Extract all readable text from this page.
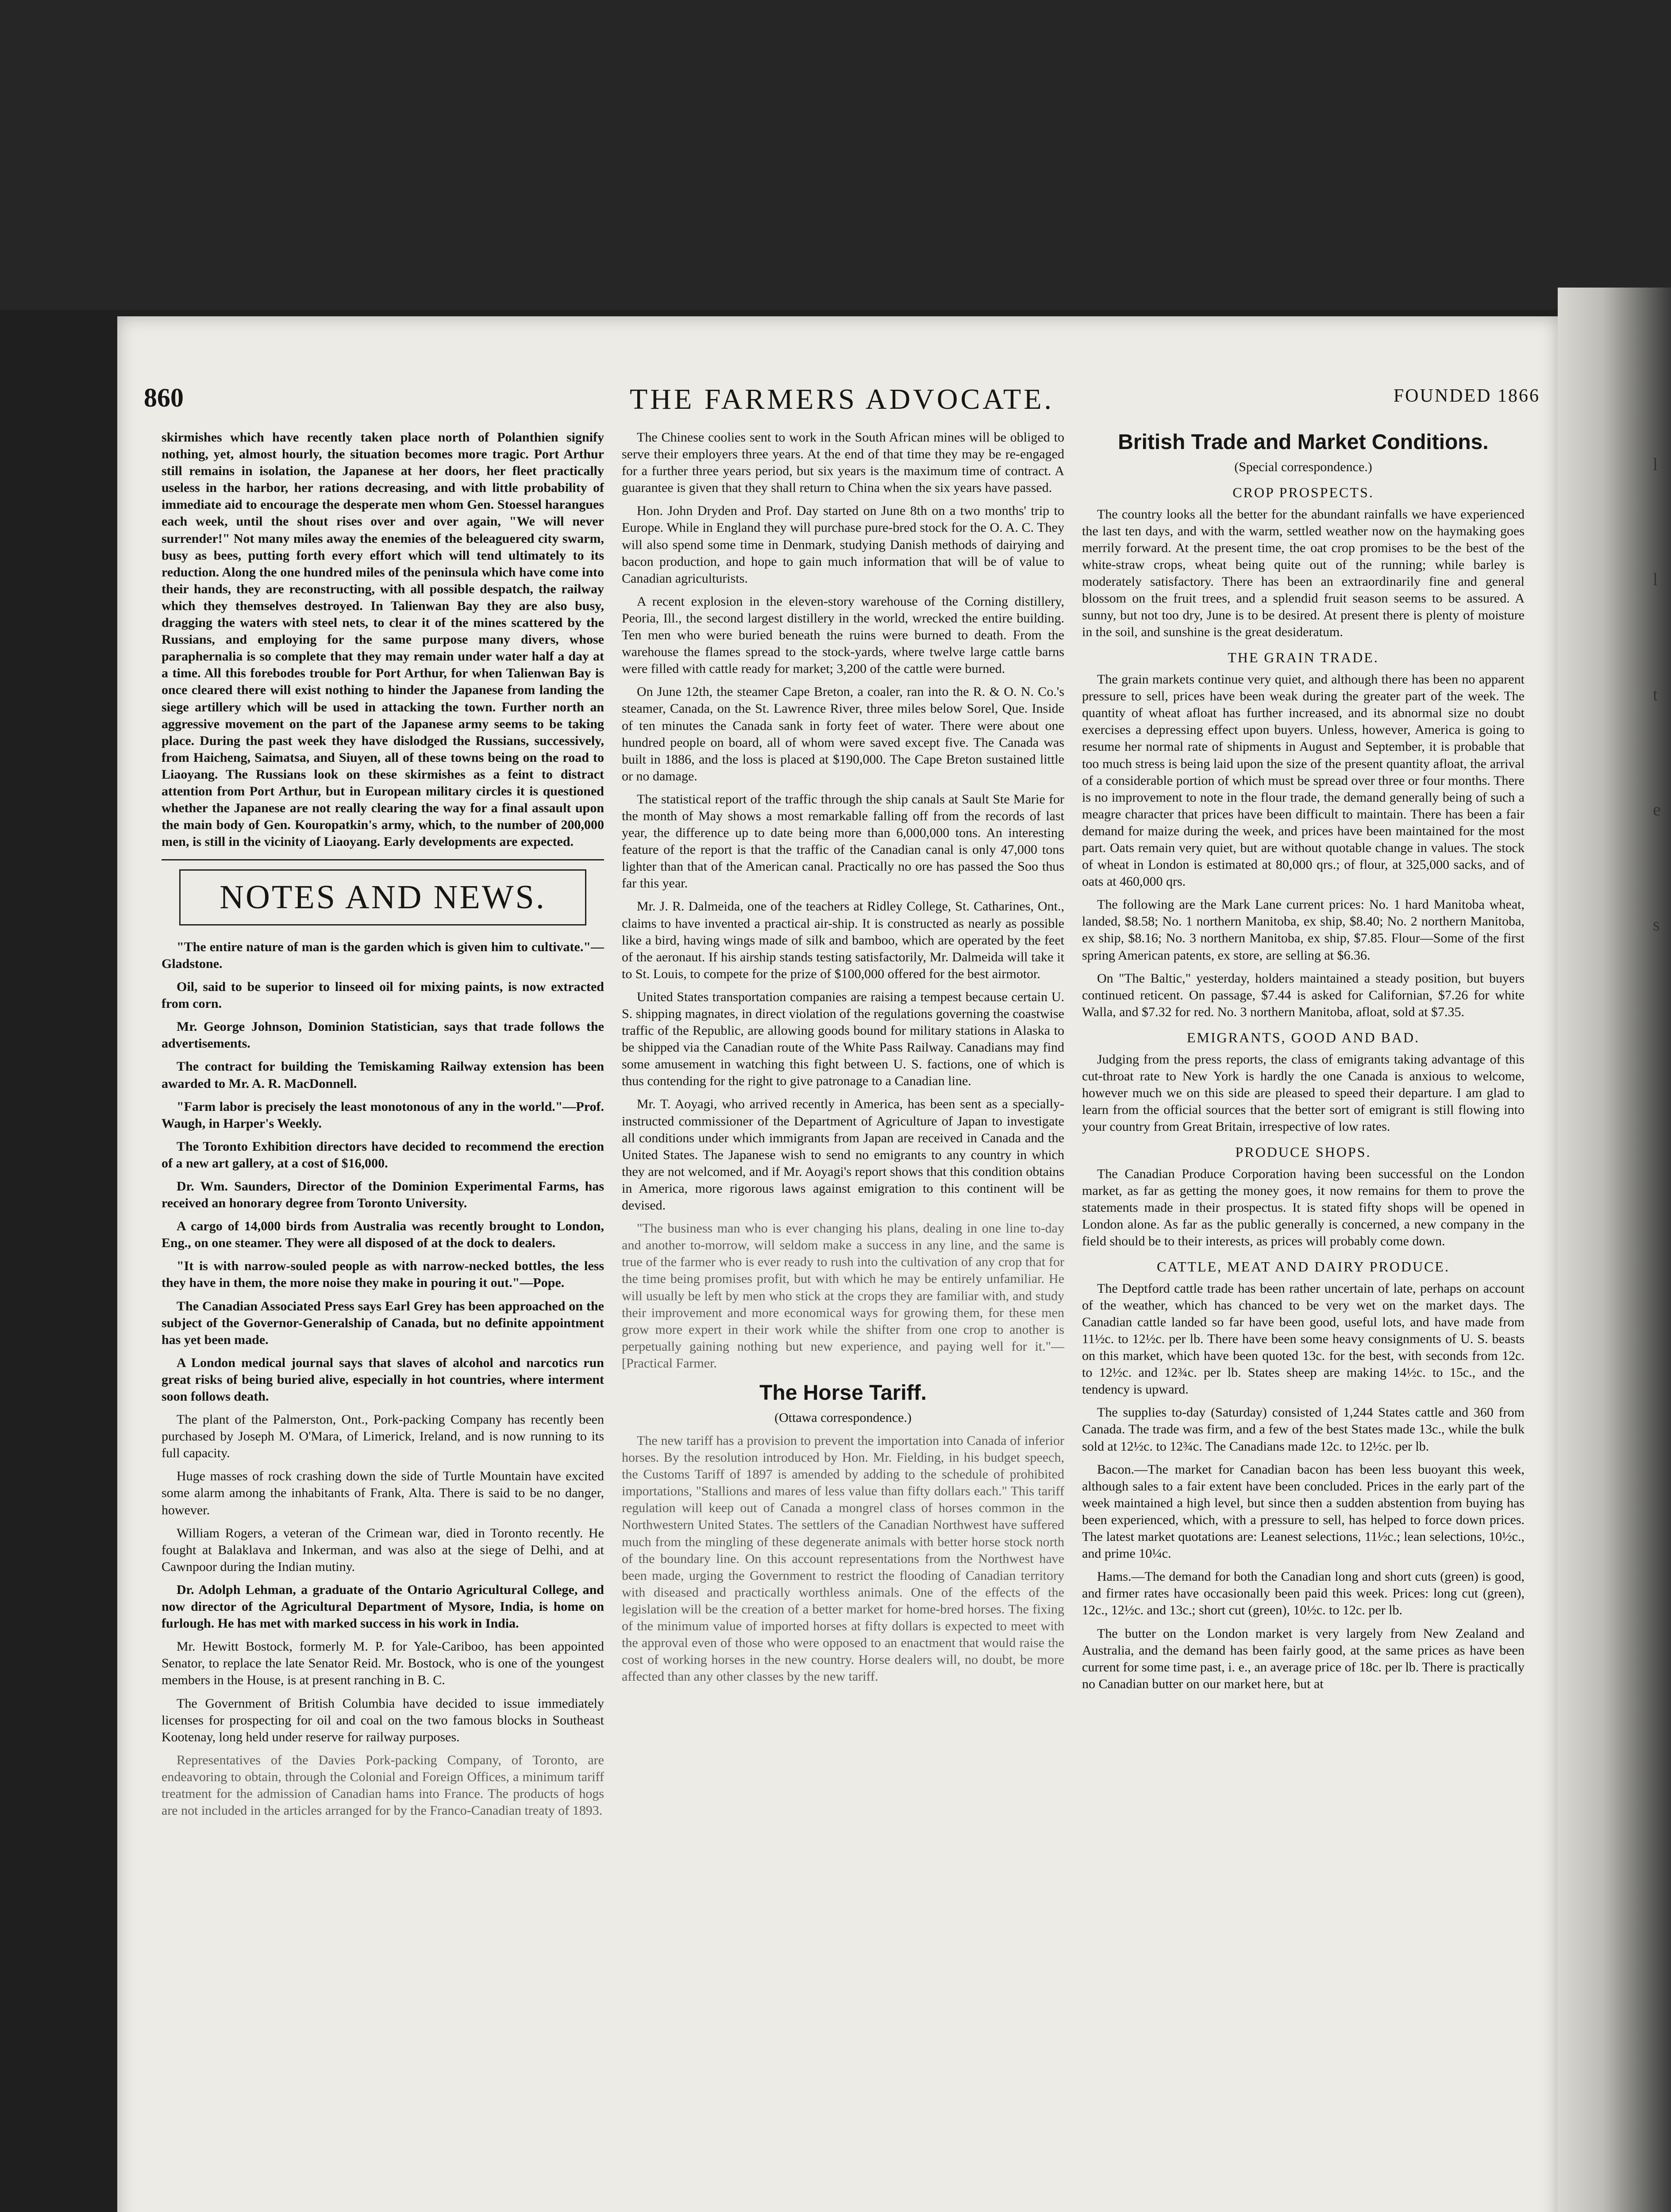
l
l
t
e
s
THE FARMERS ADVOCATE.
860	FOUNDED 1866

skirmishes which have recently taken place north of Polanthien signify nothing, yet, almost hourly, the situation becomes more tragic. Port Arthur still remains in isolation, the Japanese at her doors, her fleet practically useless in the harbor, her rations decreasing, and with little probability of immediate aid to encourage the desperate men whom Gen. Stoessel harangues each week, until the shout rises over and over again, "We will never surrender!" Not many miles away the enemies of the beleaguered city swarm, busy as bees, putting forth every effort which will tend ultimately to its reduction. Along the one hundred miles of the peninsula which have come into their hands, they are reconstructing, with all possible despatch, the railway which they themselves destroyed. In Talienwan Bay they are also busy, dragging the waters with steel nets, to clear it of the mines scattered by the Russians, and employing for the same purpose many divers, whose paraphernalia is so complete that they may remain under water half a day at a time. All this forebodes trouble for Port Arthur, for when Talienwan Bay is once cleared there will exist nothing to hinder the Japanese from landing the siege artillery which will be used in attacking the town. Further north an aggressive movement on the part of the Japanese army seems to be taking place. During the past week they have dislodged the Russians, successively, from Haicheng, Saimatsa, and Siuyen, all of these towns being on the road to Liaoyang. The Russians look on these skirmishes as a feint to distract attention from Port Arthur, but in European military circles it is questioned whether the Japanese are not really clearing the way for a final assault upon the main body of Gen. Kouropatkin's army, which, to the number of 200,000 men, is still in the vicinity of Liaoyang. Early developments are expected.

NOTES AND NEWS.

"The entire nature of man is the garden which is given him to cultivate."—Gladstone.

Oil, said to be superior to linseed oil for mixing paints, is now extracted from corn.

Mr. George Johnson, Dominion Statistician, says that trade follows the advertisements.

The contract for building the Temiskaming Railway extension has been awarded to Mr. A. R. MacDonnell.

"Farm labor is precisely the least monotonous of any in the world."—Prof. Waugh, in Harper's Weekly.

The Toronto Exhibition directors have decided to recommend the erection of a new art gallery, at a cost of $16,000.

Dr. Wm. Saunders, Director of the Dominion Experimental Farms, has received an honorary degree from Toronto University.

A cargo of 14,000 birds from Australia was recently brought to London, Eng., on one steamer. They were all disposed of at the dock to dealers.

"It is with narrow-souled people as with narrow-necked bottles, the less they have in them, the more noise they make in pouring it out."—Pope.

The Canadian Associated Press says Earl Grey has been approached on the subject of the Governor-Generalship of Canada, but no definite appointment has yet been made.

A London medical journal says that slaves of alcohol and narcotics run great risks of being buried alive, especially in hot countries, where interment soon follows death.

The plant of the Palmerston, Ont., Pork-packing Company has recently been purchased by Joseph M. O'Mara, of Limerick, Ireland, and is now running to its full capacity.

Huge masses of rock crashing down the side of Turtle Mountain have excited some alarm among the inhabitants of Frank, Alta. There is said to be no danger, however.

William Rogers, a veteran of the Crimean war, died in Toronto recently. He fought at Balaklava and Inkerman, and was also at the siege of Delhi, and at Cawnpoor during the Indian mutiny.

Dr. Adolph Lehman, a graduate of the Ontario Agricultural College, and now director of the Agricultural Department of Mysore, India, is home on furlough. He has met with marked success in his work in India.

Mr. Hewitt Bostock, formerly M. P. for Yale-Cariboo, has been appointed Senator, to replace the late Senator Reid. Mr. Bostock, who is one of the youngest members in the House, is at present ranching in B. C.

The Government of British Columbia have decided to issue immediately licenses for prospecting for oil and coal on the two famous blocks in Southeast Kootenay, long held under reserve for railway purposes.

Representatives of the Davies Pork-packing Company, of Toronto, are endeavoring to obtain, through the Colonial and Foreign Offices, a minimum tariff treatment for the admission of Canadian hams into France. The products of hogs are not included in the articles arranged for by the Franco-Canadian treaty of 1893.

The Chinese coolies sent to work in the South African mines will be obliged to serve their employers three years. At the end of that time they may be re-engaged for a further three years period, but six years is the maximum time of contract. A guarantee is given that they shall return to China when the six years have passed.

Hon. John Dryden and Prof. Day started on June 8th on a two months' trip to Europe. While in England they will purchase pure-bred stock for the O. A. C. They will also spend some time in Denmark, studying Danish methods of dairying and bacon production, and hope to gain much information that will be of value to Canadian agriculturists.

A recent explosion in the eleven-story warehouse of the Corning distillery, Peoria, Ill., the second largest distillery in the world, wrecked the entire building. Ten men who were buried beneath the ruins were burned to death. From the warehouse the flames spread to the stock-yards, where twelve large cattle barns were filled with cattle ready for market; 3,200 of the cattle were burned.

On June 12th, the steamer Cape Breton, a coaler, ran into the R. & O. N. Co.'s steamer, Canada, on the St. Lawrence River, three miles below Sorel, Que. Inside of ten minutes the Canada sank in forty feet of water. There were about one hundred people on board, all of whom were saved except five. The Canada was built in 1886, and the loss is placed at $190,000. The Cape Breton sustained little or no damage.

The statistical report of the traffic through the ship canals at Sault Ste Marie for the month of May shows a most remarkable falling off from the records of last year, the difference up to date being more than 6,000,000 tons. An interesting feature of the report is that the traffic of the Canadian canal is only 47,000 tons lighter than that of the American canal. Practically no ore has passed the Soo thus far this year.

Mr. J. R. Dalmeida, one of the teachers at Ridley College, St. Catharines, Ont., claims to have invented a practical air-ship. It is constructed as nearly as possible like a bird, having wings made of silk and bamboo, which are operated by the feet of the aeronaut. If his airship stands testing satisfactorily, Mr. Dalmeida will take it to St. Louis, to compete for the prize of $100,000 offered for the best airmotor.

United States transportation companies are raising a tempest because certain U. S. shipping magnates, in direct violation of the regulations governing the coastwise traffic of the Republic, are allowing goods bound for military stations in Alaska to be shipped via the Canadian route of the White Pass Railway. Canadians may find some amusement in watching this fight between U. S. factions, one of which is thus contending for the right to give patronage to a Canadian line.

Mr. T. Aoyagi, who arrived recently in America, has been sent as a specially-instructed commissioner of the Department of Agriculture of Japan to investigate all conditions under which immigrants from Japan are received in Canada and the United States. The Japanese wish to send no emigrants to any country in which they are not welcomed, and if Mr. Aoyagi's report shows that this condition obtains in America, more rigorous laws against emigration to this continent will be devised.

"The business man who is ever changing his plans, dealing in one line to-day and another to-morrow, will seldom make a success in any line, and the same is true of the farmer who is ever ready to rush into the cultivation of any crop that for the time being promises profit, but with which he may be entirely unfamiliar. He will usually be left by men who stick at the crops they are familiar with, and study their improvement and more economical ways for growing them, for these men grow more expert in their work while the shifter from one crop to another is perpetually gaining nothing but new experience, and paying well for it."—[Practical Farmer.

The Horse Tariff.
(Ottawa correspondence.)

The new tariff has a provision to prevent the importation into Canada of inferior horses. By the resolution introduced by Hon. Mr. Fielding, in his budget speech, the Customs Tariff of 1897 is amended by adding to the schedule of prohibited importations, "Stallions and mares of less value than fifty dollars each." This tariff regulation will keep out of Canada a mongrel class of horses common in the Northwestern United States. The settlers of the Canadian Northwest have suffered much from the mingling of these degenerate animals with better horse stock north of the boundary line. On this account representations from the Northwest have been made, urging the Government to restrict the flooding of Canadian territory with diseased and practically worthless animals. One of the effects of the legislation will be the creation of a better market for home-bred horses. The fixing of the minimum value of imported horses at fifty dollars is expected to meet with the approval even of those who were opposed to an enactment that would raise the cost of working horses in the new country. Horse dealers will, no doubt, be more affected than any other classes by the new tariff.

British Trade and Market Conditions.
(Special correspondence.)
CROP PROSPECTS.

The country looks all the better for the abundant rainfalls we have experienced the last ten days, and with the warm, settled weather now on the haymaking goes merrily forward. At the present time, the oat crop promises to be the best of the white-straw crops, wheat being quite out of the running; while barley is moderately satisfactory. There has been an extraordinarily fine and general blossom on the fruit trees, and a splendid fruit season seems to be assured. A sunny, but not too dry, June is to be desired. At present there is plenty of moisture in the soil, and sunshine is the great desideratum.

THE GRAIN TRADE.

The grain markets continue very quiet, and although there has been no apparent pressure to sell, prices have been weak during the greater part of the week. The quantity of wheat afloat has further increased, and its abnormal size no doubt exercises a depressing effect upon buyers. Unless, however, America is going to resume her normal rate of shipments in August and September, it is probable that too much stress is being laid upon the size of the present quantity afloat, the arrival of a considerable portion of which must be spread over three or four months. There is no improvement to note in the flour trade, the demand generally being of such a meagre character that prices have been difficult to maintain. There has been a fair demand for maize during the week, and prices have been maintained for the most part. Oats remain very quiet, but are without quotable change in values. The stock of wheat in London is estimated at 80,000 qrs.; of flour, at 325,000 sacks, and of oats at 460,000 qrs.

The following are the Mark Lane current prices: No. 1 hard Manitoba wheat, landed, $8.58; No. 1 northern Manitoba, ex ship, $8.40; No. 2 northern Manitoba, ex ship, $8.16; No. 3 northern Manitoba, ex ship, $7.85. Flour—Some of the first spring American patents, ex store, are selling at $6.36.

On "The Baltic," yesterday, holders maintained a steady position, but buyers continued reticent. On passage, $7.44 is asked for Californian, $7.26 for white Walla, and $7.32 for red. No. 3 northern Manitoba, afloat, sold at $7.35.

EMIGRANTS, GOOD AND BAD.

Judging from the press reports, the class of emigrants taking advantage of this cut-throat rate to New York is hardly the one Canada is anxious to welcome, however much we on this side are pleased to speed their departure. I am glad to learn from the official sources that the better sort of emigrant is still flowing into your country from Great Britain, irrespective of low rates.

PRODUCE SHOPS.

The Canadian Produce Corporation having been successful on the London market, as far as getting the money goes, it now remains for them to prove the statements made in their prospectus. It is stated fifty shops will be opened in London alone. As far as the public generally is concerned, a new company in the field should be to their interests, as prices will probably come down.

CATTLE, MEAT AND DAIRY PRODUCE.

The Deptford cattle trade has been rather uncertain of late, perhaps on account of the weather, which has chanced to be very wet on the market days. The Canadian cattle landed so far have been good, useful lots, and have made from 11½c. to 12½c. per lb. There have been some heavy consignments of U. S. beasts on this market, which have been quoted 13c. for the best, with seconds from 12c. to 12½c. and 12¾c. per lb. States sheep are making 14½c. to 15c., and the tendency is upward.

The supplies to-day (Saturday) consisted of 1,244 States cattle and 360 from Canada. The trade was firm, and a few of the best States made 13c., while the bulk sold at 12½c. to 12¾c. The Canadians made 12c. to 12½c. per lb.

Bacon.—The market for Canadian bacon has been less buoyant this week, although sales to a fair extent have been concluded. Prices in the early part of the week maintained a high level, but since then a sudden abstention from buying has been experienced, which, with a pressure to sell, has helped to force down prices. The latest market quotations are: Leanest selections, 11½c.; lean selections, 10½c., and prime 10¼c.

Hams.—The demand for both the Canadian long and short cuts (green) is good, and firmer rates have occasionally been paid this week. Prices: long cut (green), 12c., 12½c. and 13c.; short cut (green), 10½c. to 12c. per lb.

The butter on the London market is very largely from New Zealand and Australia, and the demand has been fairly good, at the same prices as have been current for some time past, i. e., an average price of 18c. per lb. There is practically no Canadian butter on our market here, but at
